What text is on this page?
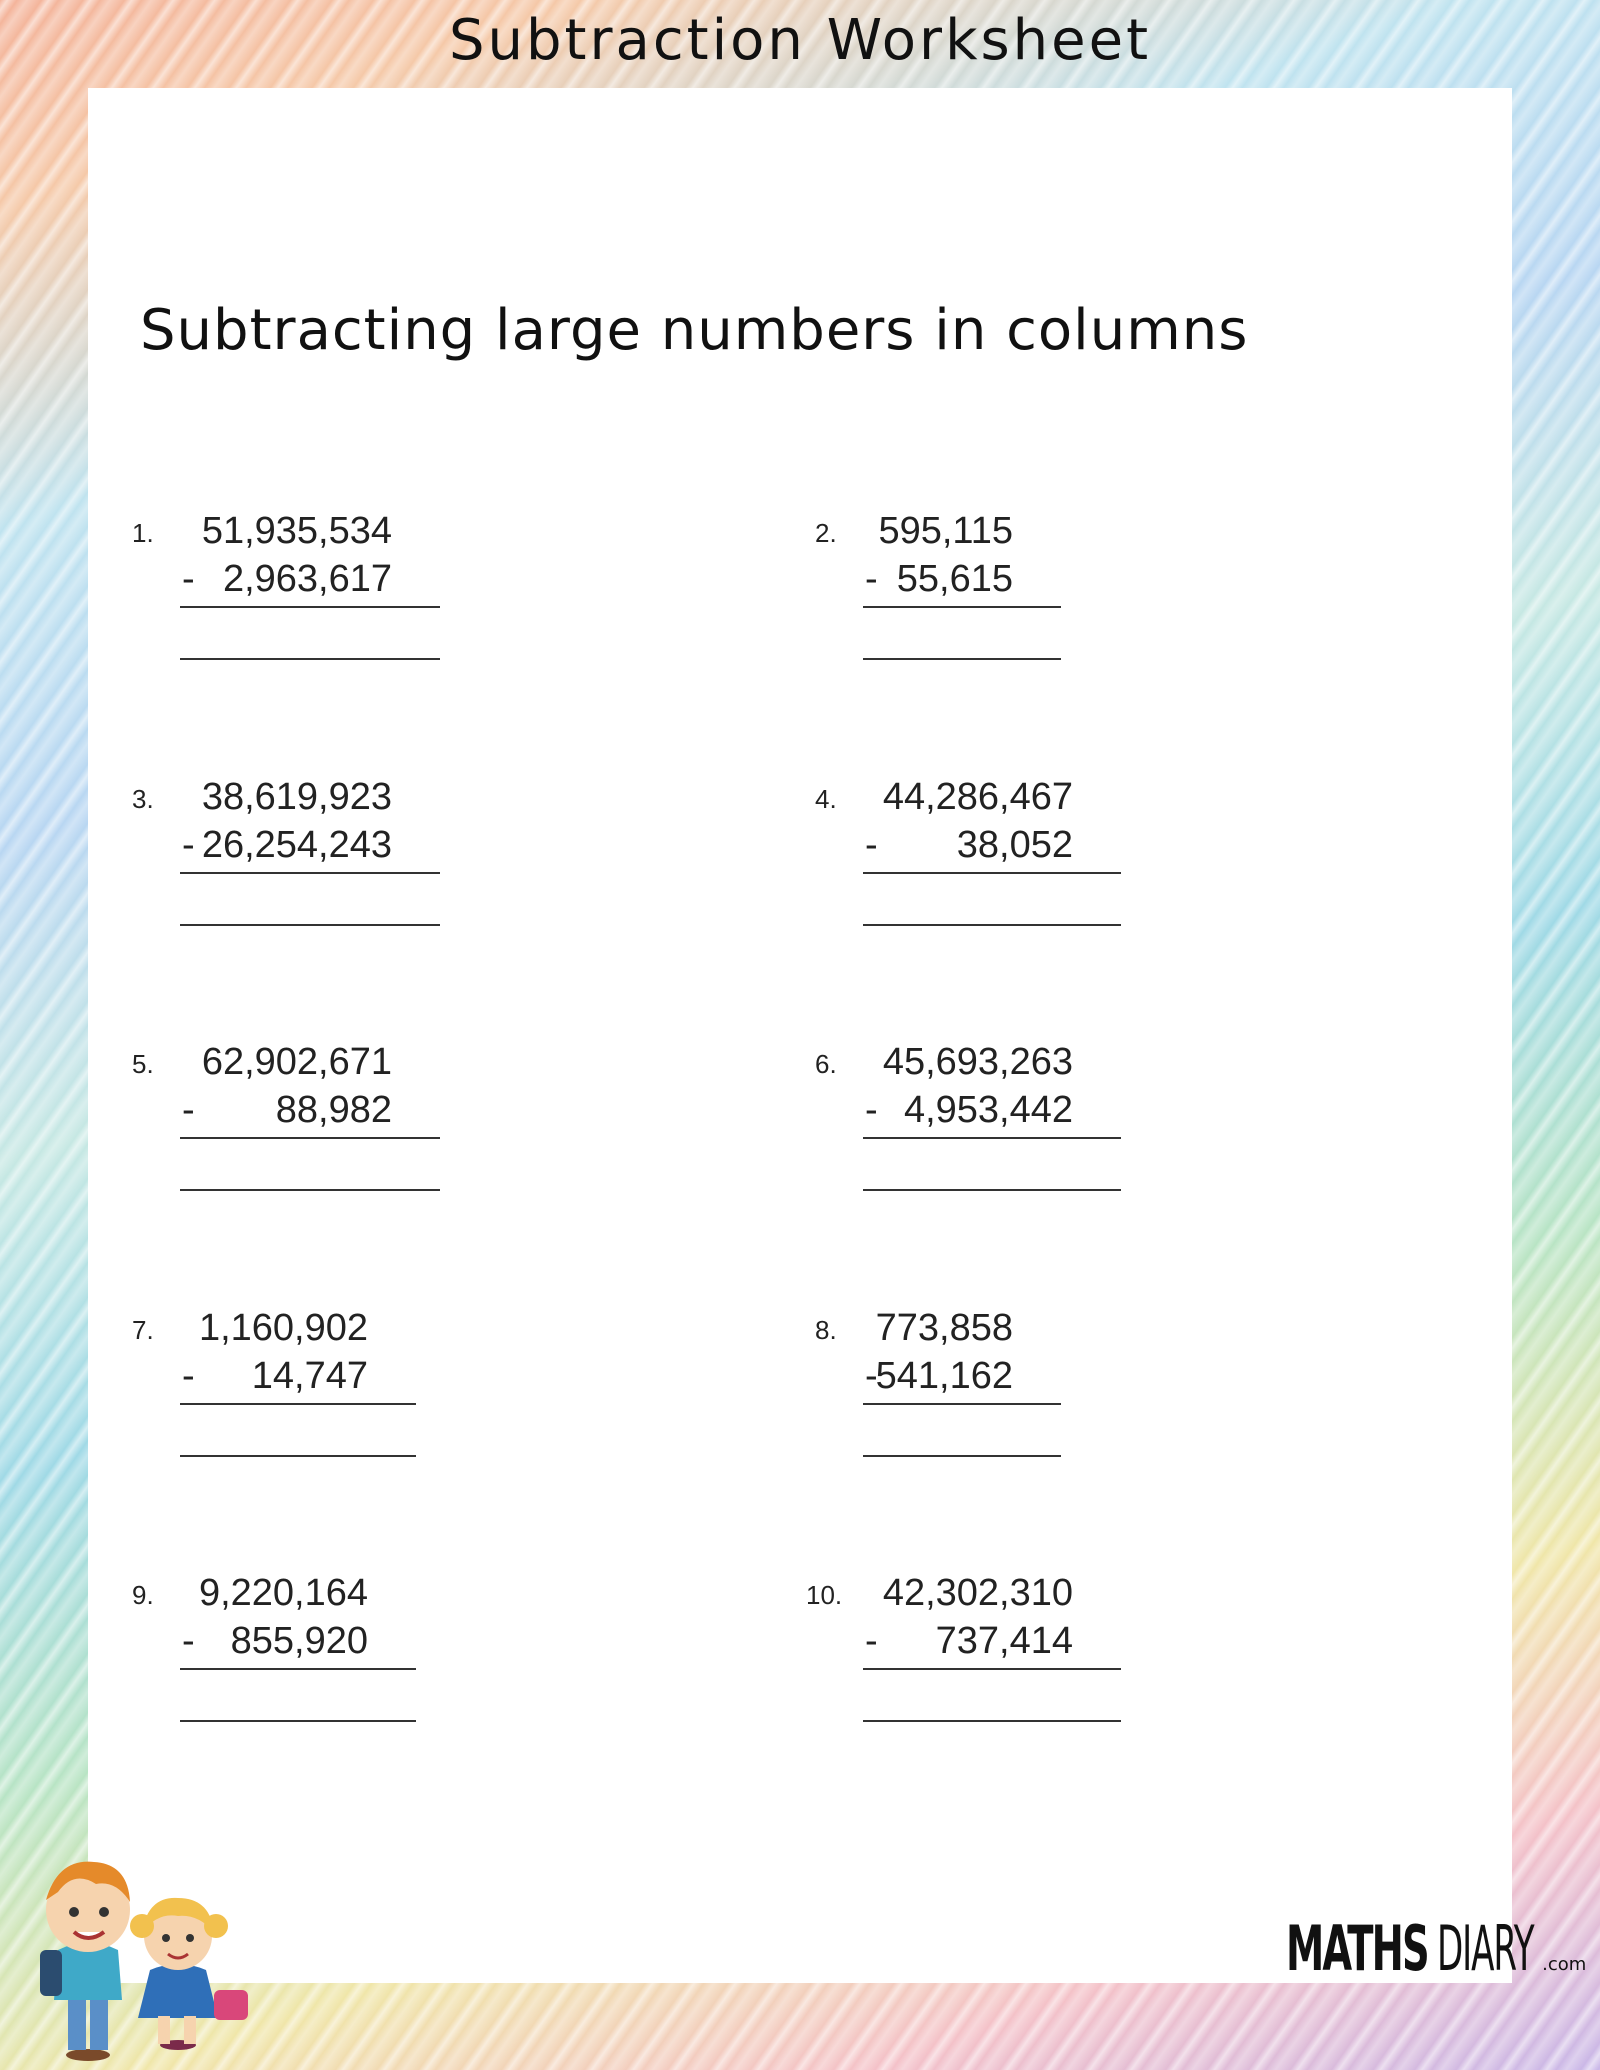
Subtraction Worksheet
Subtracting large numbers in columns
1. 51,935,534
- 2,963,617
2. 595,115
- 55,615
3. 38,619,923
- 26,254,243
4. 44,286,467
- 38,052
5. 62,902,671
- 88,982
6. 45,693,263
- 4,953,442
7. 1,160,902
- 14,747
8. 773,858
-
541,162
9. 9,220,164
- 855,920
10. 42,302,310
- 737,414
MATHS DIARY .com
